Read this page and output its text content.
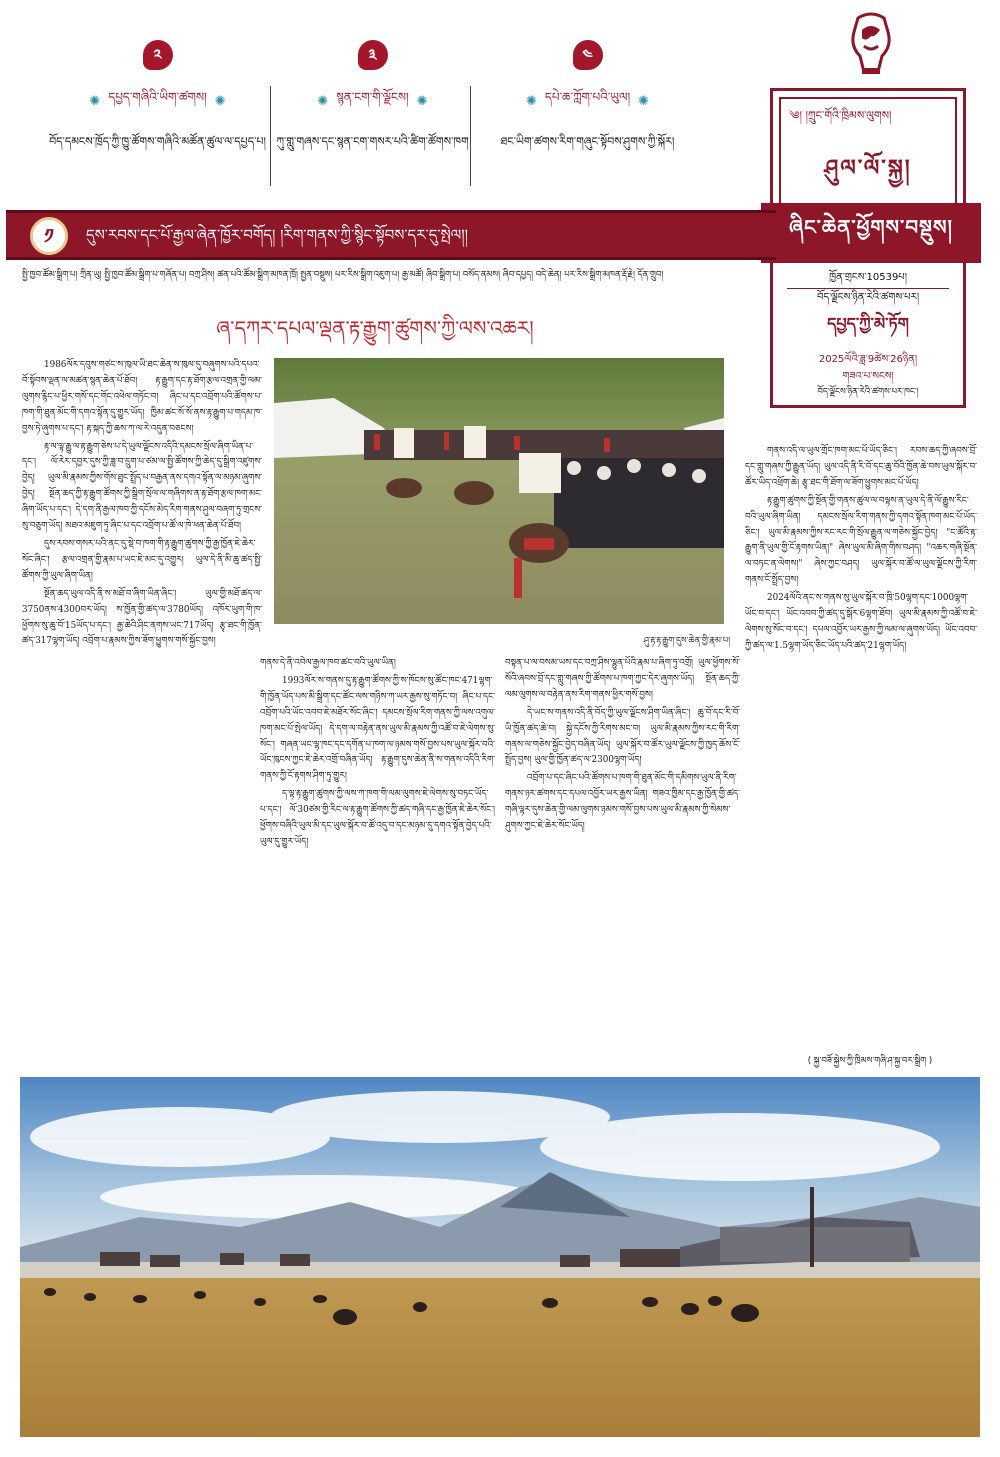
༢
✺ དཔྱད་གཞིའི་ཡིག་ཚགས། ✺
བོད་དམངས་ཁྲོད་ཀྱི་ཁྱུ་ཚོགས་གཞིའི་མཚོན་ཚུལ་ལ་དཔྱད་པ།
༣
✺ སྙན་ངག་གི་ལྗོངས། ✺
ཀུ་གླུ་གཞས་དང་སྙན་ངག་གསར་པའི་ཚིག་ཚོགས་ཁག
༤
✺ དཔེ་ཆ་ཀློག་པའི་ཡུལ། ✺
ཐང་ཡིག་ཚགས་རིག་གཞུང་སྟོབས་ཤུགས་ཀྱི་སྐོར།
༄། །ཀྲུང་གོའི་ཁྲིམས་ལུགས།
ཤུལ་ལོ་སྐྱ།
ཞིང་ཆེན་ཕྱོགས་བསྡུས།
ཁྱོན་གྲངས་10539པ།
བོད་ལྗོངས་ཉིན་རེའི་ཚགས་པར།
དཔྱད་ཀྱི་མེ་ཏོག
2025ལོའི་ཟླ་9ཚེས་26ཉིན།
གཟའ་པ་སངས།
བོད་ལྗོངས་ཉིན་རེའི་ཚགས་པར་ཁང་།
༡	དུས་རབས་དང་པོ་རྒྱལ་ཞེན་ཁྱོར་བགོད། །རིག་གནས་ཀྱི་སྙིང་སྟོབས་དར་དུ་སྤེལ།།
སྤྱི་ཁྱབ་ཚོམ་སྒྲིག་པ། ཀྲིན་ཡུ། སྤྱི་ཁྱབ་ཚོམ་སྒྲིག་པ་གཞོན་པ། བཀྲ་ཤིས། ཚན་པའི་ཚོམ་སྒྲིག་མཁན་ཁྲོ། སྤྱན་བསྡུས། པར་རིས་སྒྲིག་འཇུག་པ། རྒྱ་མཚོ། ཞིབ་སྒྲིག་པ། བསོད་ནམས། ཞིབ་དཔྱད། བདེ་ཆེན། པར་རིས་སྒྲིག་མཁན་རྡོ་རྗེ། དོན་གྲུབ།
ཞ་དཀར་དཔལ་ལྡན་རྟ་རྒྱུག་ཚུགས་ཀྱི་ལས་འཆར།
ཤུ་རྟ་རྟ་རྒྱུག་དུས་ཆེན་གྱི་རྣམ་པ།

1986ལོར་དབུས་གཙང་ས་ཁུལ་ཡི་ཐང་ཆེན་ས་ཁུལ་དུ་བཞུགས་པའི་དཔའ་བོ་སྟོབས་ལྡན་ལ་མཚན་སྙན་ཆེན་པོ་ཐོབ། རྟ་རྒྱུག་དང་རྟ་ཐོག་རྩལ་འགྲན་གྱི་ལམ་ལུགས་རྙིང་པ་ཕྱིར་གསོ་དང་གོང་འཕེལ་གཏོང་བ། ཞིང་པ་དང་འབྲོག་པའི་ཚོགས་པ་ཁག་གི་ཐུན་མོང་གི་དགའ་སྟོན་དུ་གྱུར་ཡོད། ཁྱིམ་ཚང་སོ་སོ་ནས་རྟ་རྒྱུག་པ་གདམ་ཁ་བྱས་ཏེ་ཞུགས་པ་དང་། རྟ་སྐད་ཀྱི་ཆས་ཀ་ལ་རེ་འདུན་བཅངས།

རྟ་ལ་ལྟ་རྒྱུ་ལ་རྟ་རྒྱུག་ཅེས་པ་དེ་ཡུལ་ལྗོངས་འདིའི་དམངས་སྲོལ་ཞིག་ཡིན་པ་དང་། ལོ་རེར་དབྱར་དུས་ཀྱི་ཟླ་བ་དྲུག་པ་ཙམ་ལ་སྤྱི་ཚོགས་ཀྱི་ཆེད་དུ་སྒྲིག་འཛུགས་བྱེད། ཡུལ་མི་རྣམས་ཀྱིས་གོས་ཐུང་སྤྲོད་པ་བརྒྱན་ནས་དགའ་སྟོན་ལ་མཉམ་ཞུགས་བྱེད། སྔོན་ཆད་ཀྱི་རྟ་རྒྱུག་ཚོགས་ཀྱི་སྒྲིག་སྲོལ་ལ་གཞིགས་ན་རྟ་ཐོག་རྩལ་ཁག་མང་ཞིག་ཡོད་པ་དང་། དེ་དག་ནི་རྒྱལ་ཁབ་ཀྱི་དངོས་མེད་རིག་གནས་ཤུལ་བཞག་ཏུ་གྲངས་སུ་བཅུག་ཡོད། མཐའ་མཇུག་ཏུ་ཞིང་པ་དང་འབྲོག་པ་ཚོ་ལ་ཁེ་ཕན་ཆེན་པོ་ཐོབ།

དུས་རབས་གསར་པའི་ནང་དུ་སྡེ་བ་ཁག་གི་རྟ་རྒྱུག་ཚུགས་ཀྱི་རྒྱ་ཁྱོན་ཇེ་ཆེར་སོང་ཞིང་། རྩལ་འགྲན་གྱི་རྣམ་པ་ཡང་ཇེ་མང་དུ་འགྱུར། ཡུལ་དེ་ནི་མི་ཆུ་ཚད་སྤྱི་ཚོགས་ཀྱི་ཡུལ་ཞིག་ཡིན།

སྔོན་ཆད་ཡུལ་འདི་ནི་ས་མཐོ་བ་ཞིག་ཡིན་ཞིང་། ཡུལ་གྱི་མཐོ་ཚད་ལ་3750ནས་4300བར་ཡོད། ས་ཁྱོན་གྱི་ཚད་ལ་3780ཡོད། འཁོར་ཡུག་གི་ཁ་ཕྱོགས་སུ་ཆུ་བོ་15ཡོད་པ་དང་། རྒྱ་ཆེའི་ཤིང་ནགས་ཡང་717ཡོད། རྩྭ་ཐང་གི་ཁྱོན་ཚད་317ལྷག་ཡོད། འབྲོག་པ་རྣམས་ཀྱིས་ཟོག་ཕྱུགས་གསོ་སྐྱོང་བྱས།

གནས་དེ་ནི་འབེལ་རྒྱལ་ཁབ་ཚང་བའི་ཡུལ་ཡིན།

1993ལོར་ས་གནས་དུ་རྟ་རྒྱུག་ཚོགས་ཀྱི་ས་ཁོངས་སུ་ཚོང་ཁང་471ལྷག་གི་ཁྱོན་ཡོད་པས་མི་སྒྲིག་དང་ཚོང་ལས་གཉིས་ཀ་ཡར་རྒྱས་སུ་གཏོང་བ། ཞིང་པ་དང་འབྲོག་པའི་ཡོང་འབབ་ཇེ་མཐོར་སོང་ཞིང་། དམངས་སྲོལ་རིག་གནས་ཀྱི་ལས་འགུལ་ཁག་མང་པོ་སྤེལ་ཡོད། དེ་དག་ལ་བརྟེན་ནས་ཡུལ་མི་རྣམས་ཀྱི་འཚོ་བ་ཇེ་ལེགས་སུ་སོང་། གཞན་ཡང་ལྷ་ཁང་དང་དགོན་པ་ཁག་ལ་ཉམས་གསོ་བྱས་པས་ཡུལ་སྐོར་བའི་ཡོང་ཁུངས་ཀྱང་ཇེ་ཆེར་འགྲོ་བཞིན་ཡོད། རྟ་རྒྱུག་དུས་ཆེན་ནི་ས་གནས་འདིའི་རིག་གནས་ཀྱི་ངོ་རྟགས་ཤིག་ཏུ་གྱུར།

ད་ལྟ་རྟ་རྒྱུག་ཚུགས་ཀྱི་ལས་ཀ་ཁག་གི་ལམ་ལུགས་ཇེ་ལེགས་སུ་བཏང་ཡོད་པ་དང་། ལོ་30ཙམ་གྱི་རིང་ལ་རྟ་རྒྱུག་ཚོགས་ཀྱི་ཚད་གཞི་དང་རྒྱ་ཁྱོན་ཇེ་ཆེར་སོང་། ཕྱོགས་བཞིའི་ཡུལ་མི་དང་ཡུལ་སྐོར་བ་ཚོ་འདུ་བ་དང་མཉམ་དུ་དགའ་སྟོན་བྱེད་པའི་ཡུལ་དུ་གྱུར་ཡོད།

བསྟན་པ་ལ་བསམ་ཡས་དང་བཀྲ་ཤིས་ལྷུན་པོའི་རྣམ་པ་ཞིག་ཏུ་འགྲོ། ཡུལ་ཕྱོགས་སོ་སོའི་ཞབས་བྲོ་དང་གླུ་གཞས་ཀྱི་ཚོགས་པ་ཁག་ཀྱང་དེར་ཞུགས་ཡོད། སྔོན་ཆད་ཀྱི་ལམ་ལུགས་ལ་བརྟེན་ནས་རིག་གནས་ཕྱིར་གསོ་བྱས།

དེ་ཡང་ས་གནས་འདི་ནི་བོད་ཀྱི་ཡུལ་ལྗོངས་ཤིག་ཡིན་ཞིང་། ཆུ་བོ་དང་རི་བོ་ཡི་ཁྱོན་ཚད་ཆེ་བ། སྐྱེ་དངོས་ཀྱི་རིགས་མང་བ། ཡུལ་མི་རྣམས་ཀྱིས་རང་གི་རིག་གནས་ལ་གཅེས་སྐྱོང་བྱེད་བཞིན་ཡོད། ཡུལ་སྐོར་བ་ཚོར་ཡུལ་ལྗོངས་ཀྱི་ཁྱད་ཆོས་ངོ་སྤྲོད་བྱས། ཡུལ་གྱི་ཁྱོན་ཚད་ལ་2300ལྷག་ཡོད།

འབྲོག་པ་དང་ཞིང་པའི་ཚོགས་པ་ཁག་གི་ཐུན་མོང་གི་དམིགས་ཡུལ་ནི་རིག་གནས་ཉར་ཚགས་དང་དཔལ་འབྱོར་ཡར་རྒྱས་ཡིན། གཟའ་ཁྱིམ་དང་རྒྱ་ཁྱོན་གྱི་ཚད་གཞི་ལྟར་དུས་ཆེན་གྱི་ལམ་ལུགས་ཉམས་གསོ་བྱས་པས་ཡུལ་མི་རྣམས་ཀྱི་སེམས་ཤུགས་ཀྱང་ཇེ་ཆེར་སོང་ཡོད།

གནས་འདི་ལ་ཡུལ་གྲོང་ཁག་མང་པོ་ཡོད་ཅིང་། རབས་ཆད་ཀྱི་ཞབས་བྲོ་དང་གླུ་གཞས་ཀྱི་རྒྱུན་ཡོད། ཡུལ་འདི་ནི་རི་བོ་དང་ཆུ་བོའི་ཁྱོན་ཆེ་བས་ཡུལ་སྐོར་བ་ཚོར་ཡིད་འཕྲོག་ཆེ། རྩྭ་ཐང་གི་ཐོག་ལ་ཟོག་ཕྱུགས་མང་པོ་ཡོད།

རྟ་རྒྱུག་ཚུགས་ཀྱི་སྔོན་གྱི་གནས་ཚུལ་ལ་བལྟས་ན་ཡུལ་དེ་ནི་ལོ་རྒྱུས་རིང་བའི་ཡུལ་ཞིག་ཡིན། དམངས་སྲོལ་རིག་གནས་ཀྱི་དགའ་སྟོན་ཁག་མང་པོ་ཡོད་ཅིང་། ཡུལ་མི་རྣམས་ཀྱིས་རང་རང་གི་སྲོལ་རྒྱུན་ལ་གཅེས་སྐྱོང་བྱེད། "ང་ཚོའི་རྟ་རྒྱུག་ནི་ཡུལ་གྱི་ངོ་རྟགས་ཡིན།" ཞེས་ཡུལ་མི་ཞིག་གིས་བཤད། "འཆར་གཞི་སྔོན་ལ་བཏང་ན་ལེགས།" ཞེས་ཀྱང་བཤད། ཡུལ་སྐོར་བ་ཚོ་ལ་ཡུལ་ལྗོངས་ཀྱི་རིག་གནས་ངོ་སྤྲོད་བྱས།

2024ལོའི་ནང་ས་གནས་སུ་ཡུལ་སྐོར་བ་ཁྲི་50ལྷག་དང་1000ལྷག་ཡོང་བ་དང་། ཡོང་འབབ་ཀྱི་ཚད་དུ་སྒོར་6ལྷག་ཐོབ། ཡུལ་མི་རྣམས་ཀྱི་འཚོ་བ་ཇེ་ལེགས་སུ་སོང་བ་དང་། དཔལ་འབྱོར་ཡར་རྒྱས་ཀྱི་ལམ་ལ་ཞུགས་ཡོད། ཡོང་འབབ་ཀྱི་ཚད་ལ་1.5ལྷག་ཡོད་ཅིང་ཡོད་པའི་ཚད་21ལྷག་ཡོད།

( སྐྱ་བཟོ་སྐྱེས་ཀྱི་ཁྲིམས་གཞི་ཤ་སྐྱ་བར་སྒྲིག )
